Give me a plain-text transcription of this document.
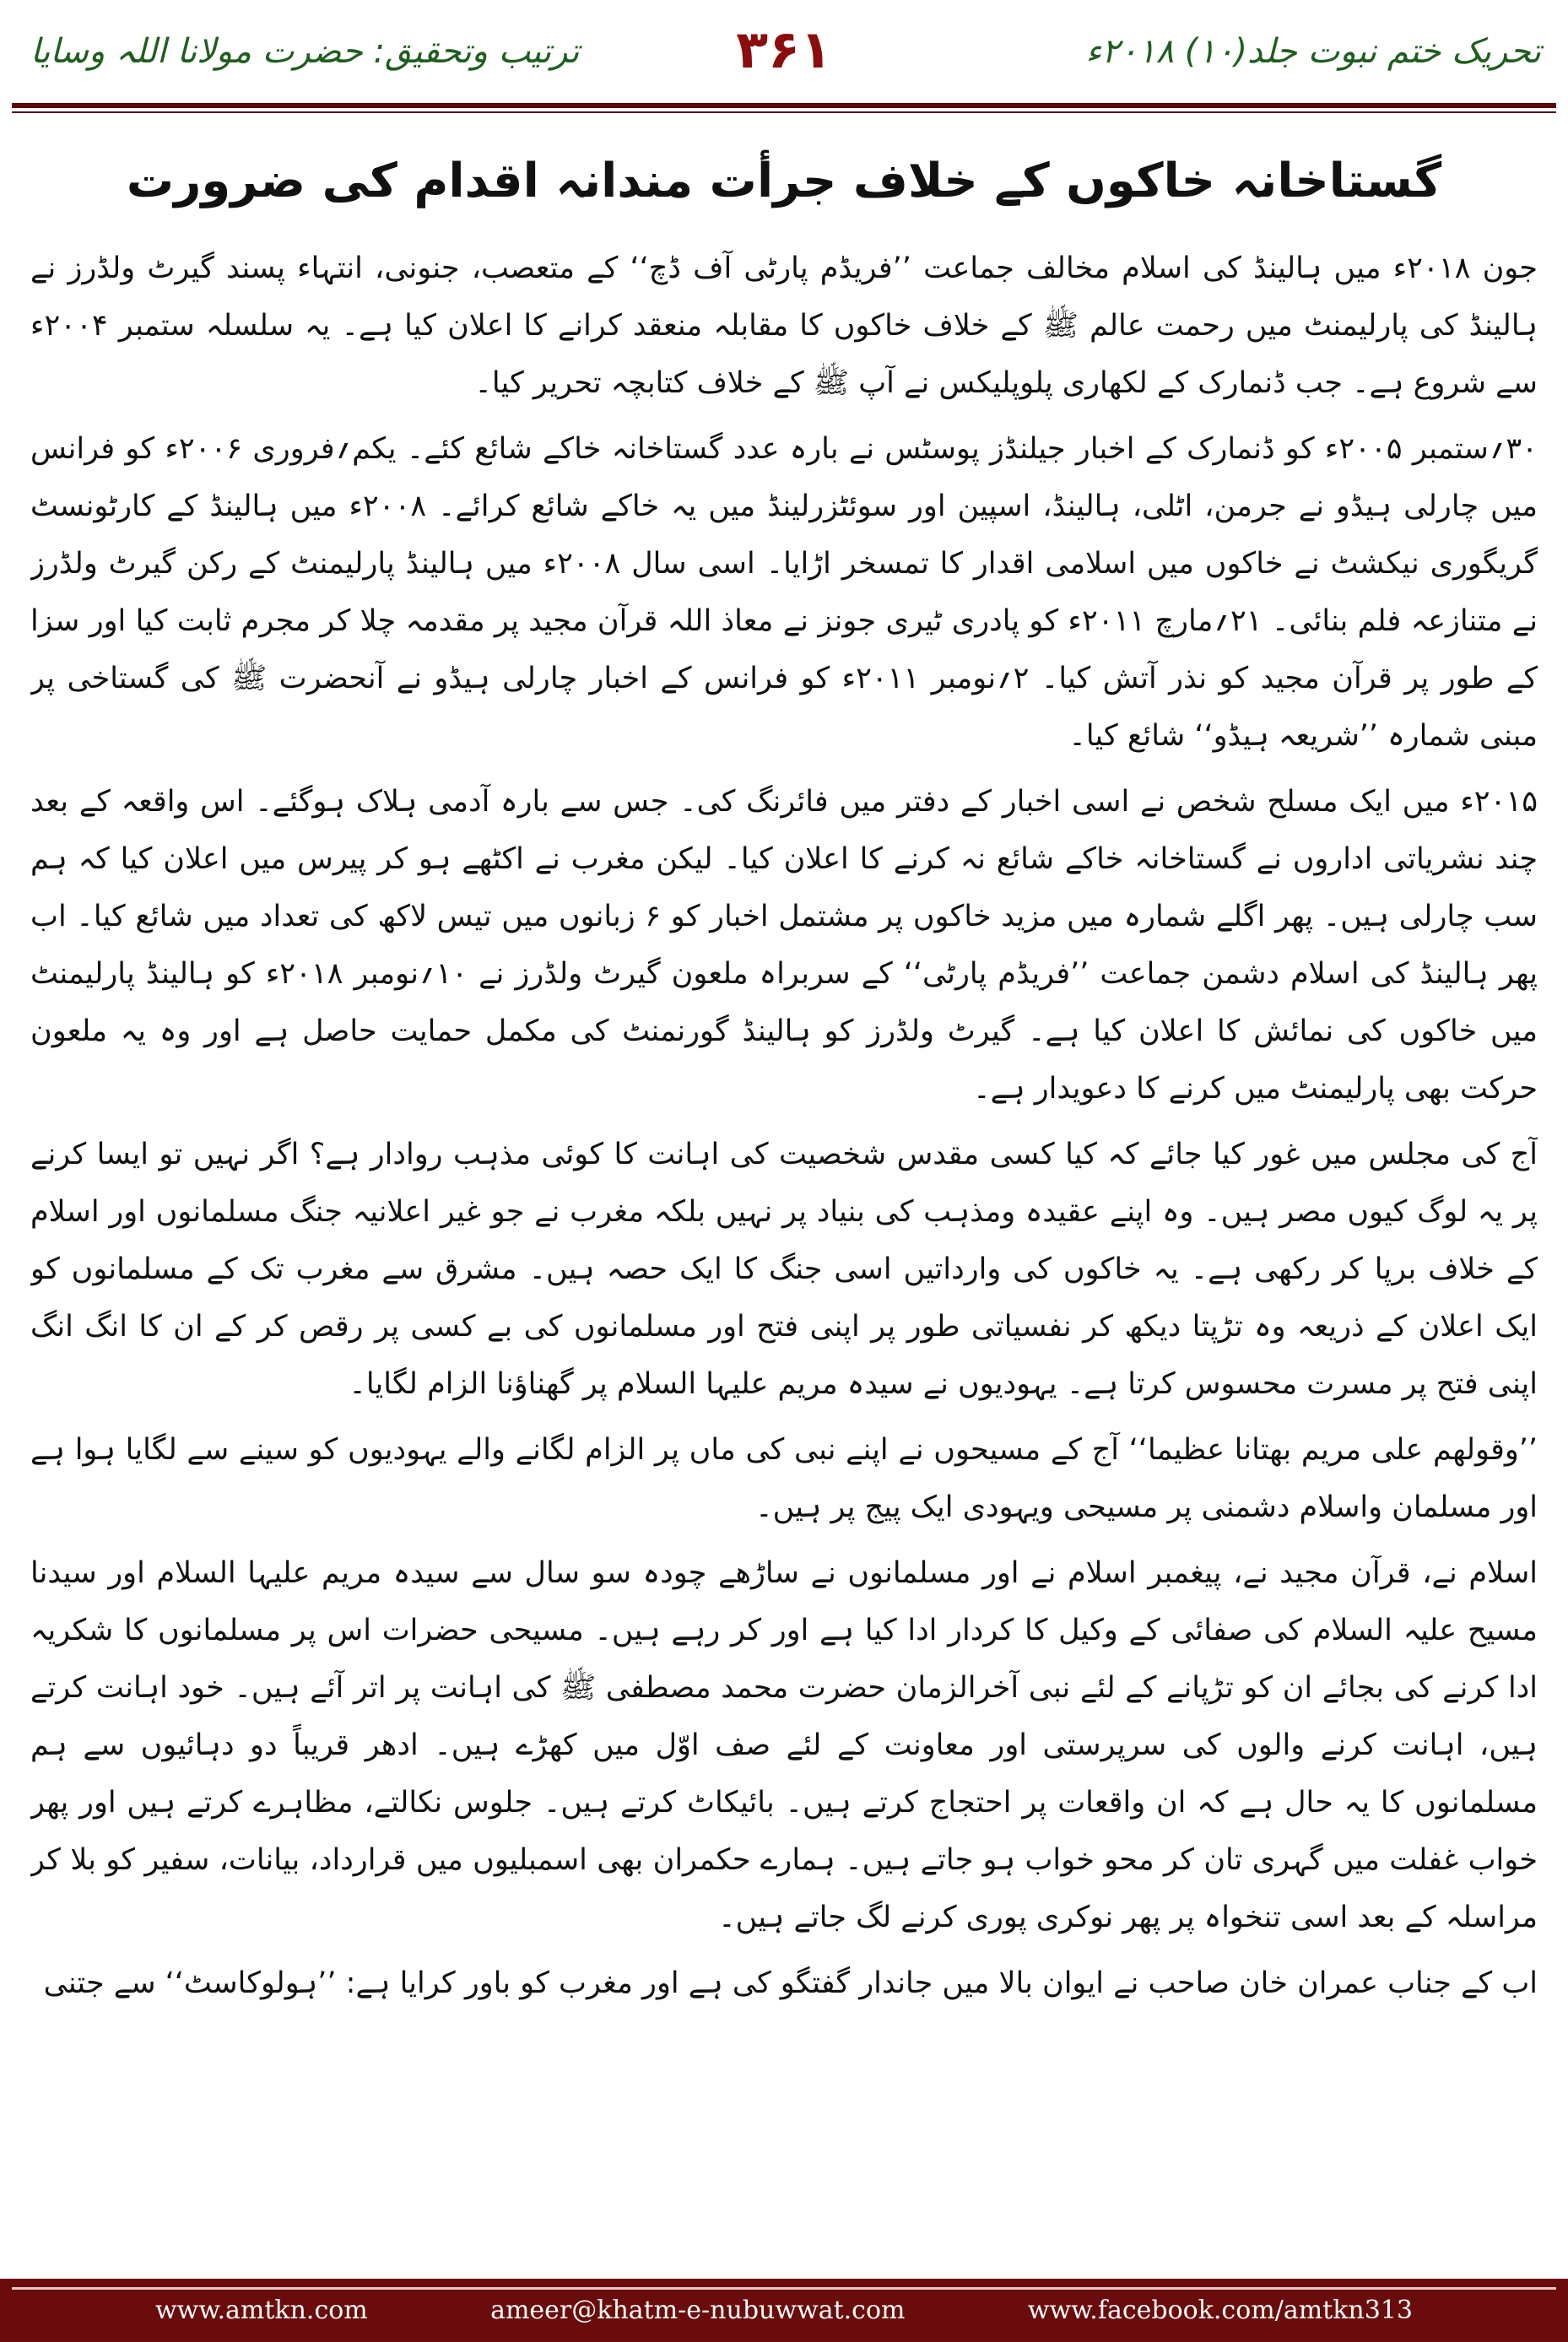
تحریک ختم نبوت جلد(۱۰) ۲۰۱۸ء
۳۶۱
ترتیب وتحقیق: حضرت مولانا اللہ وسایا
گستاخانہ خاکوں کے خلاف جرأت مندانہ اقدام کی ضرورت

جون ۲۰۱۸ء میں ہالینڈ کی اسلام مخالف جماعت ’’فریڈم پارٹی آف ڈچ‘‘ کے متعصب، جنونی، انتہاء پسند گیرٹ ولڈرز نے ہالینڈ کی پارلیمنٹ میں رحمت عالم ﷺ کے خلاف خاکوں کا مقابلہ منعقد کرانے کا اعلان کیا ہے۔ یہ سلسلہ ستمبر ۲۰۰۴ء سے شروع ہے۔ جب ڈنمارک کے لکھاری پلوپلیکس نے آپ ﷺ کے خلاف کتابچہ تحریر کیا۔

۳۰؍ستمبر ۲۰۰۵ء کو ڈنمارک کے اخبار جیلنڈز پوسٹس نے بارہ عدد گستاخانہ خاکے شائع کئے۔ یکم؍فروری ۲۰۰۶ء کو فرانس میں چارلی ہیڈو نے جرمن، اٹلی، ہالینڈ، اسپین اور سوئٹزرلینڈ میں یہ خاکے شائع کرائے۔ ۲۰۰۸ء میں ہالینڈ کے کارٹونسٹ گریگوری نیکشٹ نے خاکوں میں اسلامی اقدار کا تمسخر اڑایا۔ اسی سال ۲۰۰۸ء میں ہالینڈ پارلیمنٹ کے رکن گیرٹ ولڈرز نے متنازعہ فلم بنائی۔ ۲۱؍مارچ ۲۰۱۱ء کو پادری ٹیری جونز نے معاذ اللہ قرآن مجید پر مقدمہ چلا کر مجرم ثابت کیا اور سزا کے طور پر قرآن مجید کو نذر آتش کیا۔ ۲؍نومبر ۲۰۱۱ء کو فرانس کے اخبار چارلی ہیڈو نے آنحضرت ﷺ کی گستاخی پر مبنی شمارہ ’’شریعہ ہیڈو‘‘ شائع کیا۔

۲۰۱۵ء میں ایک مسلح شخص نے اسی اخبار کے دفتر میں فائرنگ کی۔ جس سے بارہ آدمی ہلاک ہوگئے۔ اس واقعہ کے بعد چند نشریاتی اداروں نے گستاخانہ خاکے شائع نہ کرنے کا اعلان کیا۔ لیکن مغرب نے اکٹھے ہو کر پیرس میں اعلان کیا کہ ہم سب چارلی ہیں۔ پھر اگلے شمارہ میں مزید خاکوں پر مشتمل اخبار کو ۶ زبانوں میں تیس لاکھ کی تعداد میں شائع کیا۔ اب پھر ہالینڈ کی اسلام دشمن جماعت ’’فریڈم پارٹی‘‘ کے سربراہ ملعون گیرٹ ولڈرز نے ۱۰؍نومبر ۲۰۱۸ء کو ہالینڈ پارلیمنٹ میں خاکوں کی نمائش کا اعلان کیا ہے۔ گیرٹ ولڈرز کو ہالینڈ گورنمنٹ کی مکمل حمایت حاصل ہے اور وہ یہ ملعون حرکت بھی پارلیمنٹ میں کرنے کا دعویدار ہے۔

آج کی مجلس میں غور کیا جائے کہ کیا کسی مقدس شخصیت کی اہانت کا کوئی مذہب روادار ہے؟ اگر نہیں تو ایسا کرنے پر یہ لوگ کیوں مصر ہیں۔ وہ اپنے عقیدہ ومذہب کی بنیاد پر نہیں بلکہ مغرب نے جو غیر اعلانیہ جنگ مسلمانوں اور اسلام کے خلاف برپا کر رکھی ہے۔ یہ خاکوں کی وارداتیں اسی جنگ کا ایک حصہ ہیں۔ مشرق سے مغرب تک کے مسلمانوں کو ایک اعلان کے ذریعہ وہ تڑپتا دیکھ کر نفسیاتی طور پر اپنی فتح اور مسلمانوں کی بے کسی پر رقص کر کے ان کا انگ انگ اپنی فتح پر مسرت محسوس کرتا ہے۔ یہودیوں نے سیدہ مریم علیہا السلام پر گھناؤنا الزام لگایا۔

’’وقولھم علی مریم بھتانا عظیما‘‘ آج کے مسیحوں نے اپنے نبی کی ماں پر الزام لگانے والے یہودیوں کو سینے سے لگایا ہوا ہے اور مسلمان واسلام دشمنی پر مسیحی ویہودی ایک پیج پر ہیں۔

اسلام نے، قرآن مجید نے، پیغمبر اسلام نے اور مسلمانوں نے ساڑھے چودہ سو سال سے سیدہ مریم علیہا السلام اور سیدنا مسیح علیہ السلام کی صفائی کے وکیل کا کردار ادا کیا ہے اور کر رہے ہیں۔ مسیحی حضرات اس پر مسلمانوں کا شکریہ ادا کرنے کی بجائے ان کو تڑپانے کے لئے نبی آخرالزمان حضرت محمد مصطفی ﷺ کی اہانت پر اتر آئے ہیں۔ خود اہانت کرتے ہیں، اہانت کرنے والوں کی سرپرستی اور معاونت کے لئے صف اوّل میں کھڑے ہیں۔ ادھر قریباً دو دہائیوں سے ہم مسلمانوں کا یہ حال ہے کہ ان واقعات پر احتجاج کرتے ہیں۔ بائیکاٹ کرتے ہیں۔ جلوس نکالتے، مظاہرے کرتے ہیں اور پھر خواب غفلت میں گہری تان کر محو خواب ہو جاتے ہیں۔ ہمارے حکمران بھی اسمبلیوں میں قرارداد، بیانات، سفیر کو بلا کر مراسلہ کے بعد اسی تنخواہ پر پھر نوکری پوری کرنے لگ جاتے ہیں۔

اب کے جناب عمران خان صاحب نے ایوان بالا میں جاندار گفتگو کی ہے اور مغرب کو باور کرایا ہے: ’’ہولوکاسٹ‘‘ سے جتنی

www.amtkn.com	ameer@khatm-e-nubuwwat.com	www.facebook.com/amtkn313
